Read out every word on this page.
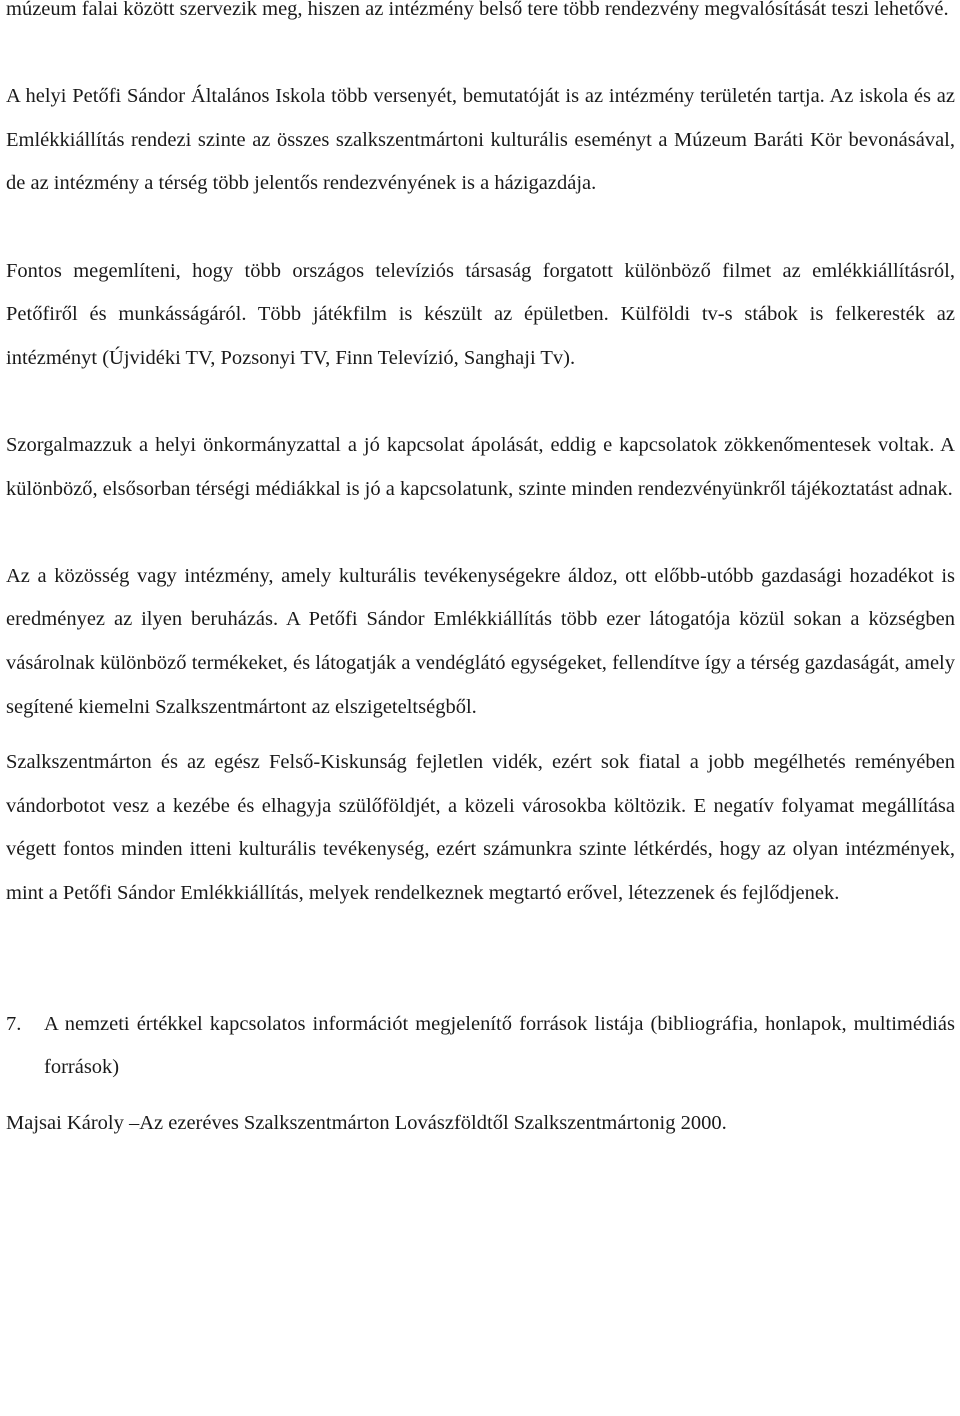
múzeum falai között szervezik meg, hiszen az intézmény belső tere több rendezvény megvalósítását teszi lehetővé.

A helyi Petőfi Sándor Általános Iskola több versenyét, bemutatóját is az intézmény területén tartja. Az iskola és az Emlékkiállítás rendezi szinte az összes szalkszentmártoni kulturális eseményt a Múzeum Baráti Kör bevonásával, de az intézmény a térség több jelentős rendezvényének is a házigazdája.

Fontos megemlíteni, hogy több országos televíziós társaság forgatott különböző filmet az emlékkiállításról, Petőfiről és munkásságáról. Több játékfilm is készült az épületben. Külföldi tv-s stábok is felkeresték az intézményt (Újvidéki TV, Pozsonyi TV, Finn Televízió, Sanghaji Tv).

Szorgalmazzuk a helyi önkormányzattal a jó kapcsolat ápolását, eddig e kapcsolatok zökkenőmentesek voltak. A különböző, elsősorban térségi médiákkal is jó a kapcsolatunk, szinte minden rendezvényünkről tájékoztatást adnak.

Az a közösség vagy intézmény, amely kulturális tevékenységekre áldoz, ott előbb-utóbb gazdasági hozadékot is eredményez az ilyen beruházás. A Petőfi Sándor Emlékkiállítás több ezer látogatója közül sokan a községben vásárolnak különböző termékeket, és látogatják a vendéglátó egységeket, fellendítve így a térség gazdaságát, amely segítené kiemelni Szalkszentmártont az elszigeteltségből.

Szalkszentmárton és az egész Felső-Kiskunság fejletlen vidék, ezért sok fiatal a jobb megélhetés reményében vándorbotot vesz a kezébe és elhagyja szülőföldjét, a közeli városokba költözik. E negatív folyamat megállítása végett fontos minden itteni kulturális tevékenység, ezért számunkra szinte létkérdés, hogy az olyan intézmények, mint a Petőfi Sándor Emlékkiállítás, melyek rendelkeznek megtartó erővel, létezzenek és fejlődjenek.

7.	A nemzeti értékkel kapcsolatos információt megjelenítő források listája (bibliográfia, honlapok, multimédiás források)

Majsai Károly –Az ezeréves Szalkszentmárton Lovászföldtől Szalkszentmártonig 2000.
